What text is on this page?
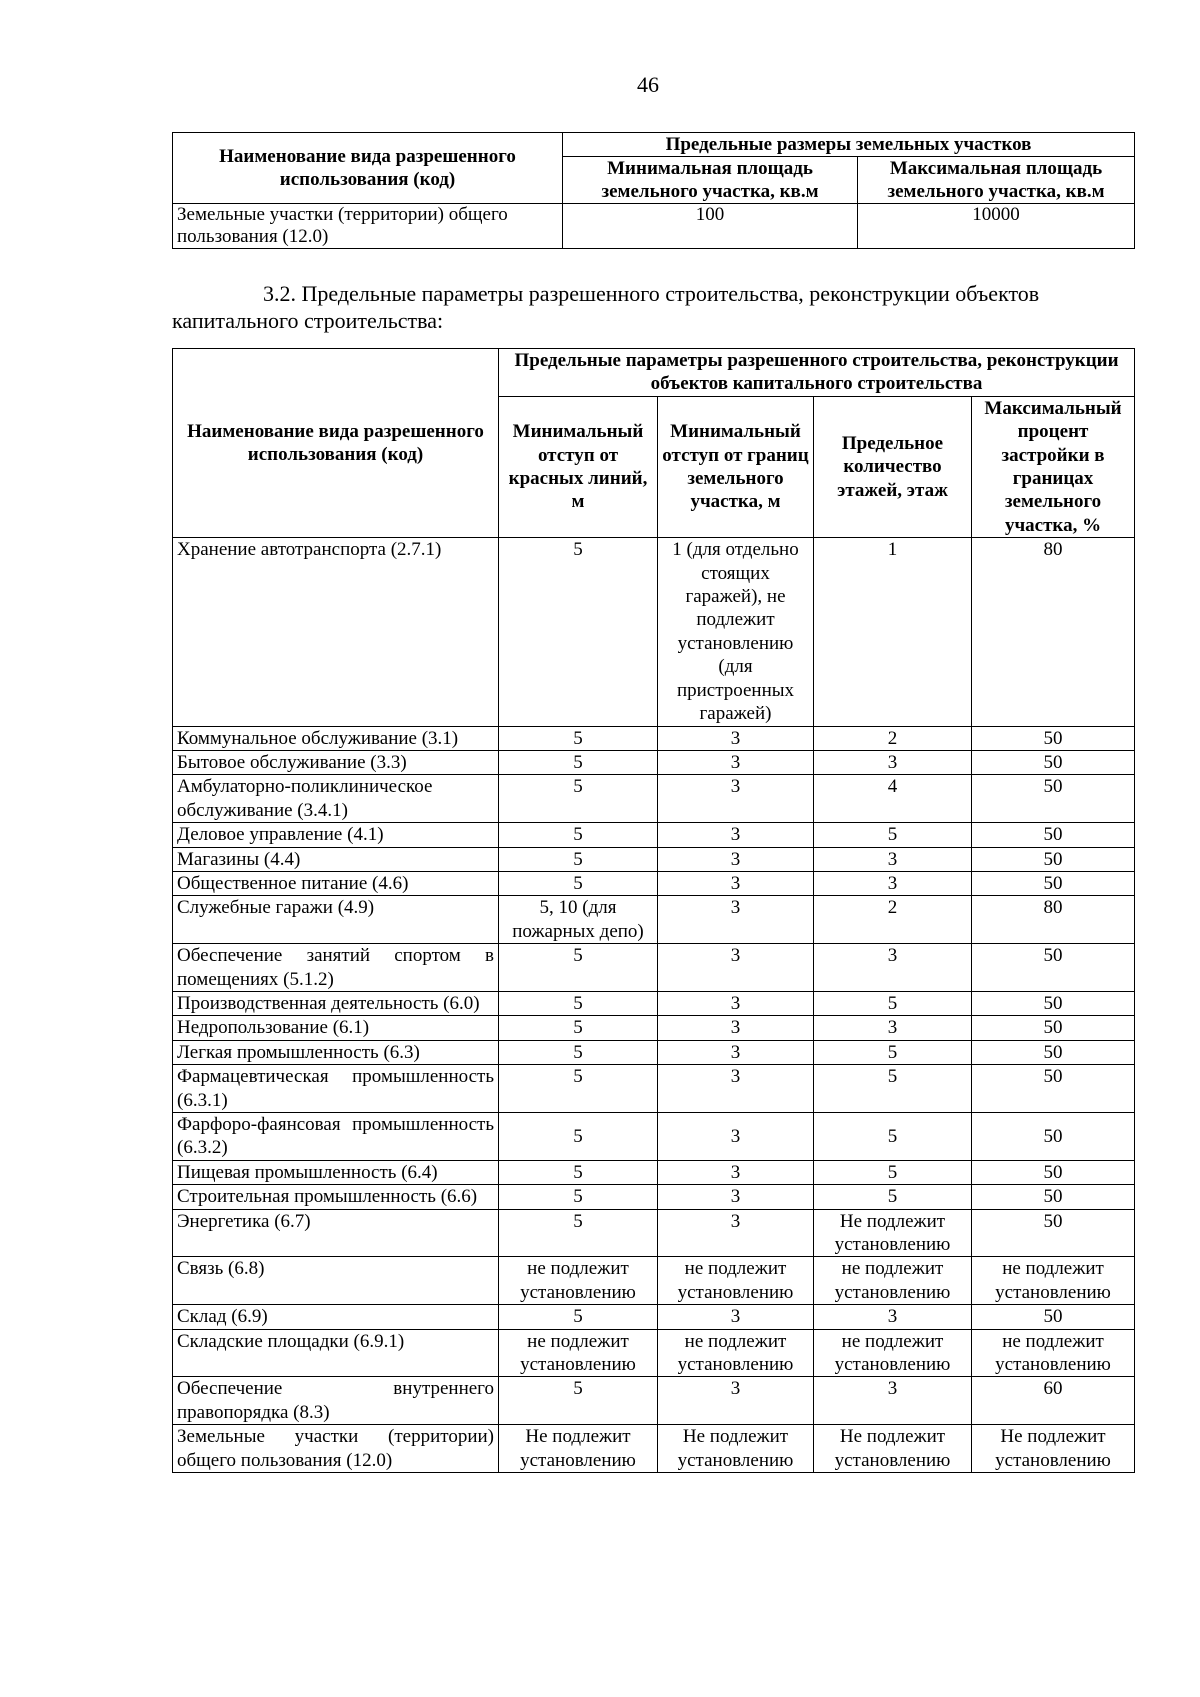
46
Наименование вида разрешенного использования (код)	Предельные размеры земельных участков	
	Минимальная площадь земельного участка, кв.м	Максимальная площадь земельного участка, кв.м
Земельные участки (территории) общего пользования (12.0)	100	10000
3.2. Предельные параметры разрешенного строительства, реконструкции объектов капитального строительства:
Наименование вида разрешенного использования (код)	Предельные параметры разрешенного строительства, реконструкции объектов капитального строительства			
	Минимальный отступ от красных линий, м	Минимальный отступ от границ земельного участка, м	Предельное количество этажей, этаж	Максимальный процент застройки в границах земельного участка, %
Хранение автотранспорта (2.7.1)	5	1 (для отдельно стоящих гаражей), не подлежит установлению (для пристроенных гаражей)	1	80
Коммунальное обслуживание (3.1)	5	3	2	50
Бытовое обслуживание (3.3)	5	3	3	50
Амбулаторно-поликлиническое обслуживание (3.4.1)	5	3	4	50
Деловое управление (4.1)	5	3	5	50
Магазины (4.4)	5	3	3	50
Общественное питание (4.6)	5	3	3	50
Служебные гаражи (4.9)	5, 10 (для пожарных депо)	3	2	80
Обеспечение занятий спортом в помещениях (5.1.2)	5	3	3	50
Производственная деятельность (6.0)	5	3	5	50
Недропользование (6.1)	5	3	3	50
Легкая промышленность (6.3)	5	3	5	50
Фармацевтическая промышленность (6.3.1)	5	3	5	50
Фарфоро-фаянсовая промышленность (6.3.2)	5	3	5	50
Пищевая промышленность (6.4)	5	3	5	50
Строительная промышленность (6.6)	5	3	5	50
Энергетика (6.7)	5	3	Не подлежит установлению	50
Связь (6.8)	не подлежит установлению	не подлежит установлению	не подлежит установлению	не подлежит установлению
Склад (6.9)	5	3	3	50
Складские площадки (6.9.1)	не подлежит установлению	не подлежит установлению	не подлежит установлению	не подлежит установлению
Обеспечение внутреннего правопорядка (8.3)	5	3	3	60
Земельные участки (территории) общего пользования (12.0)	Не подлежит установлению	Не подлежит установлению	Не подлежит установлению	Не подлежит установлению
